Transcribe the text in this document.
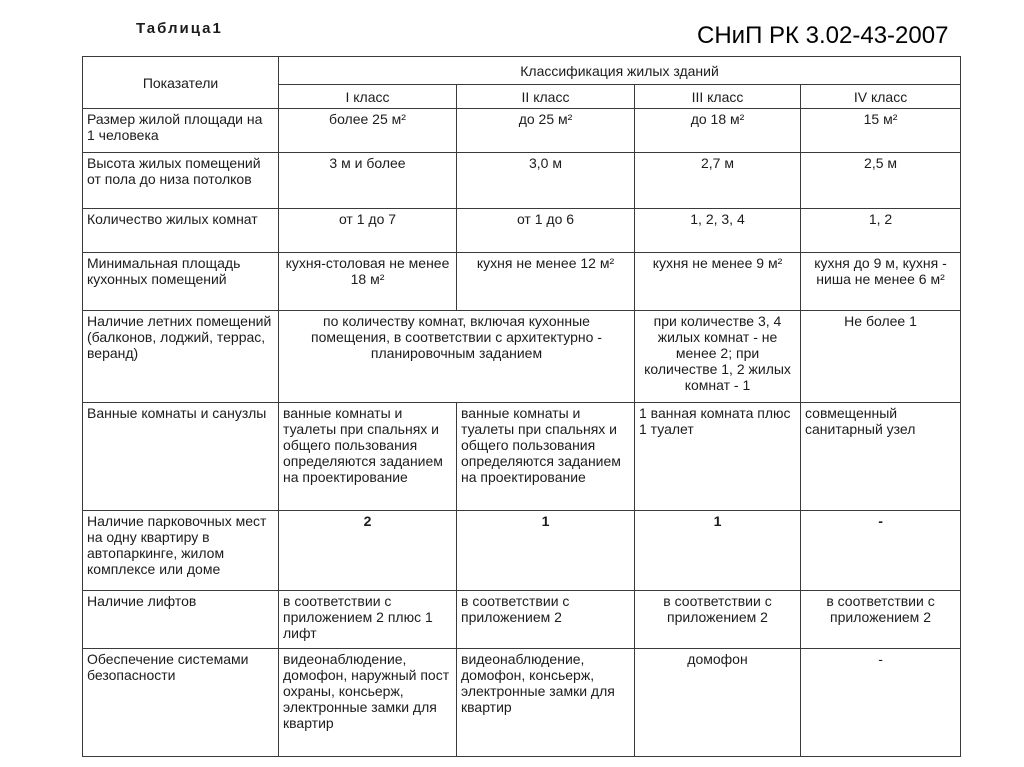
Таблица1	СНиП РК 3.02-43-2007
Показатели	Классификация жилых зданий			
	I класс	II класс	III класс	IV класс
Размер жилой площади на 1 человека	более 25 м²	до 25 м²	до 18 м²	15 м²
Высота жилых помещений от пола до низа потолков	3 м и более	3,0 м	2,7 м	2,5 м
Количество жилых комнат	от 1 до 7	от 1 до 6	1, 2, 3, 4	1, 2
Минимальная площадь кухонных помещений	кухня-столовая не менее 18 м²	кухня не менее 12 м²	кухня не менее 9 м²	кухня до 9 м, кухня - ниша не менее 6 м²
Наличие летних помещений (балконов, лоджий, террас, веранд)	по количеству комнат, включая кухонные помещения, в соответствии с архитектурно - планировочным заданием		при количестве 3, 4 жилых комнат - не менее 2; при количестве 1, 2 жилых комнат - 1	Не более 1
Ванные комнаты и санузлы	ванные комнаты и туалеты при спальнях и общего пользования определяются заданием на проектирование	ванные комнаты и туалеты при спальнях и общего пользования определяются заданием на проектирование	1 ванная комната плюс 1 туалет	совмещенный санитарный узел
Наличие парковочных мест на одну квартиру в автопаркинге, жилом комплексе или доме	2	1	1	-
Наличие лифтов	в соответствии с приложением 2 плюс 1 лифт	в соответствии с приложением 2	в соответствии с приложением 2	в соответствии с приложением 2
Обеспечение системами безопасности	видеонаблюдение, домофон, наружный пост охраны, консьерж, электронные замки для квартир	видеонаблюдение, домофон, консьерж, электронные замки для квартир	домофон	-
